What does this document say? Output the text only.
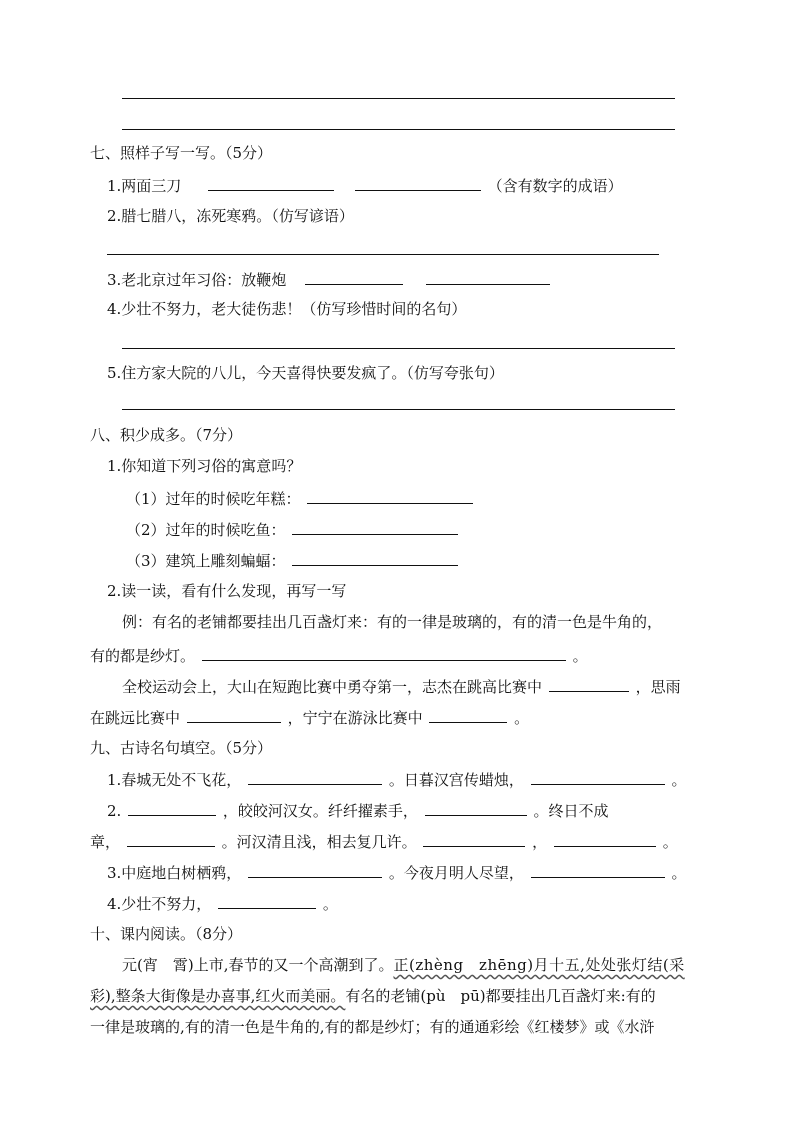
七、照样子写一写。（5分）
1.两面三刀	（含有数字的成语）
2.腊七腊八，冻死寒鸦。（仿写谚语）
3.老北京过年习俗：放鞭炮
4.少壮不努力，老大徒伤悲！（仿写珍惜时间的名句）
5.住方家大院的八儿，今天喜得快要发疯了。（仿写夸张句）
八、积少成多。（7分）
1.你知道下列习俗的寓意吗？
（1）过年的时候吃年糕：
（2）过年的时候吃鱼：
（3）建筑上雕刻蝙蝠：
2.读一读，看有什么发现，再写一写
例：有名的老铺都要挂出几百盏灯来：有的一律是玻璃的，有的清一色是牛角的，
有的都是纱灯。	。
全校运动会上，大山在短跑比赛中勇夺第一，志杰在跳高比赛中	，思雨
在跳远比赛中	，宁宁在游泳比赛中	。
九、古诗名句填空。（5分）
1.春城无处不飞花，	。日暮汉宫传蜡烛，	。
2.	，皎皎河汉女。纤纤擢素手，	。终日不成
章，	。河汉清且浅，相去复几许。	，	。
3.中庭地白树栖鸦，	。今夜月明人尽望，	。
4.少壮不努力，	。
十、课内阅读。（8分）
元(宵　霄)上市,春节的又一个高潮到了。正(zhèng　zhēng)月十五,处处张灯结(采
彩),整条大街像是办喜事,红火而美丽。有名的老铺(pù　pū)都要挂出几百盏灯来:有的
一律是玻璃的,有的清一色是牛角的,有的都是纱灯；有的通通彩绘《红楼梦》或《水浒
